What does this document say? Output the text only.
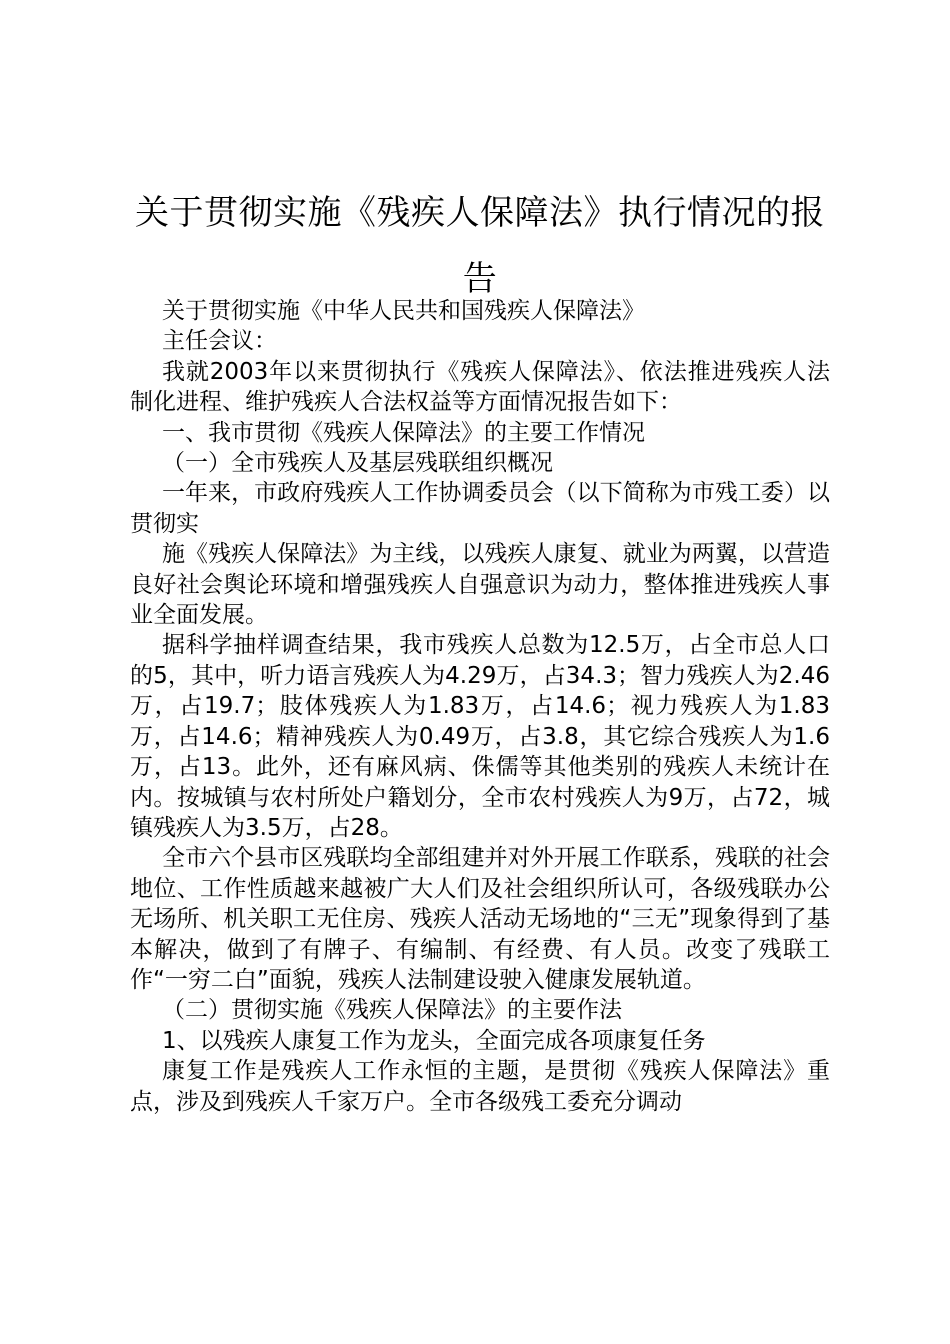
关于贯彻实施《残疾人保障法》执行情况的报告

关于贯彻实施《中华人民共和国残疾人保障法》

主任会议：

我就2003年以来贯彻执行《残疾人保障法》、依法推进残疾人法制化进程、维护残疾人合法权益等方面情况报告如下：

一、我市贯彻《残疾人保障法》的主要工作情况

（一）全市残疾人及基层残联组织概况

一年来，市政府残疾人工作协调委员会（以下简称为市残工委）以贯彻实

施《残疾人保障法》为主线，以残疾人康复、就业为两翼，以营造良好社会舆论环境和增强残疾人自强意识为动力，整体推进残疾人事业全面发展。

据科学抽样调查结果，我市残疾人总数为12.5万，占全市总人口的5，其中，听力语言残疾人为4.29万，占34.3；智力残疾人为2.46万，占19.7；肢体残疾人为1.83万，占14.6；视力残疾人为1.83万，占14.6；精神残疾人为0.49万，占3.8，其它综合残疾人为1.6万，占13。此外，还有麻风病、侏儒等其他类别的残疾人未统计在内。按城镇与农村所处户籍划分，全市农村残疾人为9万，占72，城镇残疾人为3.5万，占28。

全市六个县市区残联均全部组建并对外开展工作联系，残联的社会地位、工作性质越来越被广大人们及社会组织所认可，各级残联办公无场所、机关职工无住房、残疾人活动无场地的“三无”现象得到了基本解决，做到了有牌子、有编制、有经费、有人员。改变了残联工作“一穷二白”面貌，残疾人法制建设驶入健康发展轨道。

（二）贯彻实施《残疾人保障法》的主要作法

1、以残疾人康复工作为龙头，全面完成各项康复任务

康复工作是残疾人工作永恒的主题，是贯彻《残疾人保障法》重点，涉及到残疾人千家万户。全市各级残工委充分调动
